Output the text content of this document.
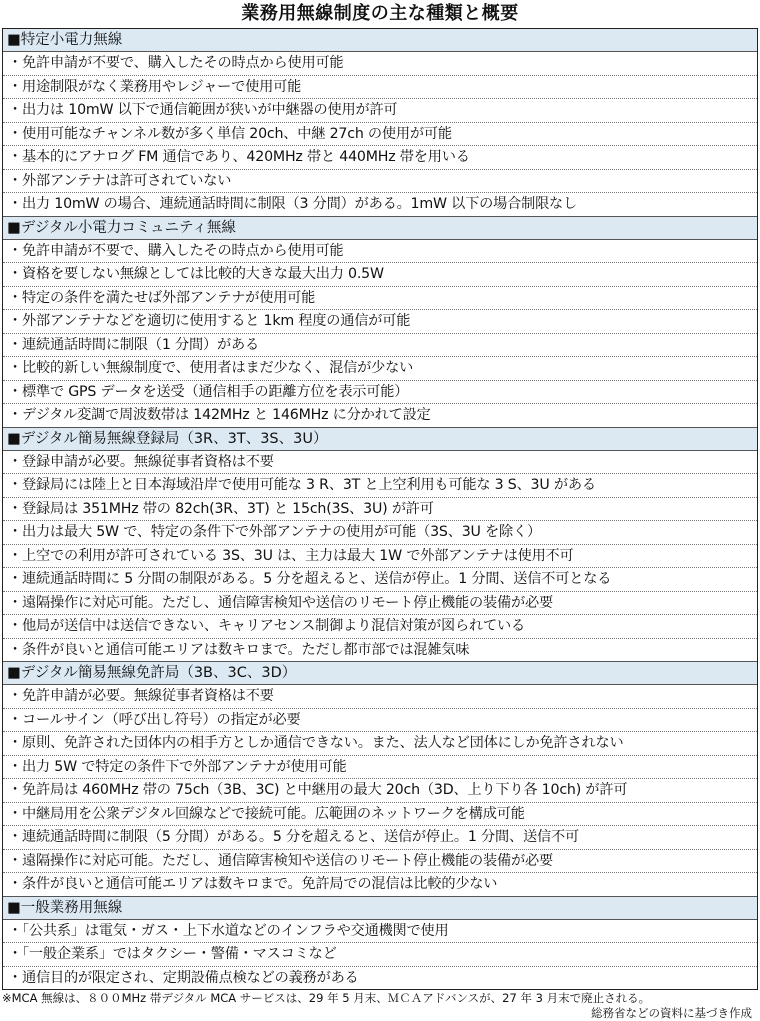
業務用無線制度の主な種類と概要
■特定小電力無線
・免許申請が不要で、購入したその時点から使用可能
・用途制限がなく業務用やレジャーで使用可能
・出力は 10mW 以下で通信範囲が狭いが中継器の使用が許可
・使用可能なチャンネル数が多く単信 20ch、中継 27ch の使用が可能
・基本的にアナログ FM 通信であり、420MHz 帯と 440MHz 帯を用いる
・外部アンテナは許可されていない
・出力 10mW の場合、連続通話時間に制限（3 分間）がある。1mW 以下の場合制限なし
■デジタル小電力コミュニティ無線
・免許申請が不要で、購入したその時点から使用可能
・資格を要しない無線としては比較的大きな最大出力 0.5W
・特定の条件を満たせば外部アンテナが使用可能
・外部アンテナなどを適切に使用すると 1km 程度の通信が可能
・連続通話時間に制限（1 分間）がある
・比較的新しい無線制度で、使用者はまだ少なく、混信が少ない
・標準で GPS データを送受（通信相手の距離方位を表示可能）
・デジタル変調で周波数帯は 142MHz と 146MHz に分かれて設定
■デジタル簡易無線登録局（3R、3T、3S、3U）
・登録申請が必要。無線従事者資格は不要
・登録局には陸上と日本海域沿岸で使用可能な 3 R、3T と上空利用も可能な 3 S、3U がある
・登録局は 351MHz 帯の 82ch(3R、3T) と 15ch(3S、3U) が許可
・出力は最大 5W で、特定の条件下で外部アンテナの使用が可能（3S、3U を除く）
・上空での利用が許可されている 3S、3U は、主力は最大 1W で外部アンテナは使用不可
・連続通話時間に 5 分間の制限がある。5 分を超えると、送信が停止。1 分間、送信不可となる
・遠隔操作に対応可能。ただし、通信障害検知や送信のリモート停止機能の装備が必要
・他局が送信中は送信できない、キャリアセンス制御より混信対策が図られている
・条件が良いと通信可能エリアは数キロまで。ただし都市部では混雑気味
■デジタル簡易無線免許局（3B、3C、3D）
・免許申請が必要。無線従事者資格は不要
・コールサイン（呼び出し符号）の指定が必要
・原則、免許された団体内の相手方としか通信できない。また、法人など団体にしか免許されない
・出力 5W で特定の条件下で外部アンテナが使用可能
・免許局は 460MHz 帯の 75ch（3B、3C) と中継用の最大 20ch（3D、上り下り各 10ch) が許可
・中継局用を公衆デジタル回線などで接続可能。広範囲のネットワークを構成可能
・連続通話時間に制限（5 分間）がある。5 分を超えると、送信が停止。1 分間、送信不可
・遠隔操作に対応可能。ただし、通信障害検知や送信のリモート停止機能の装備が必要
・条件が良いと通信可能エリアは数キロまで。免許局での混信は比較的少ない
■一般業務用無線
・「公共系」は電気・ガス・上下水道などのインフラや交通機関で使用
・「一般企業系」ではタクシー・警備・マスコミなど
・通信目的が限定され、定期設備点検などの義務がある
※MCA 無線は、８００MHz 帯デジタル MCA サービスは、29 年 5 月末、ＭＣＡアドバンスが、27 年 3 月末で廃止される。
総務省などの資料に基づき作成
